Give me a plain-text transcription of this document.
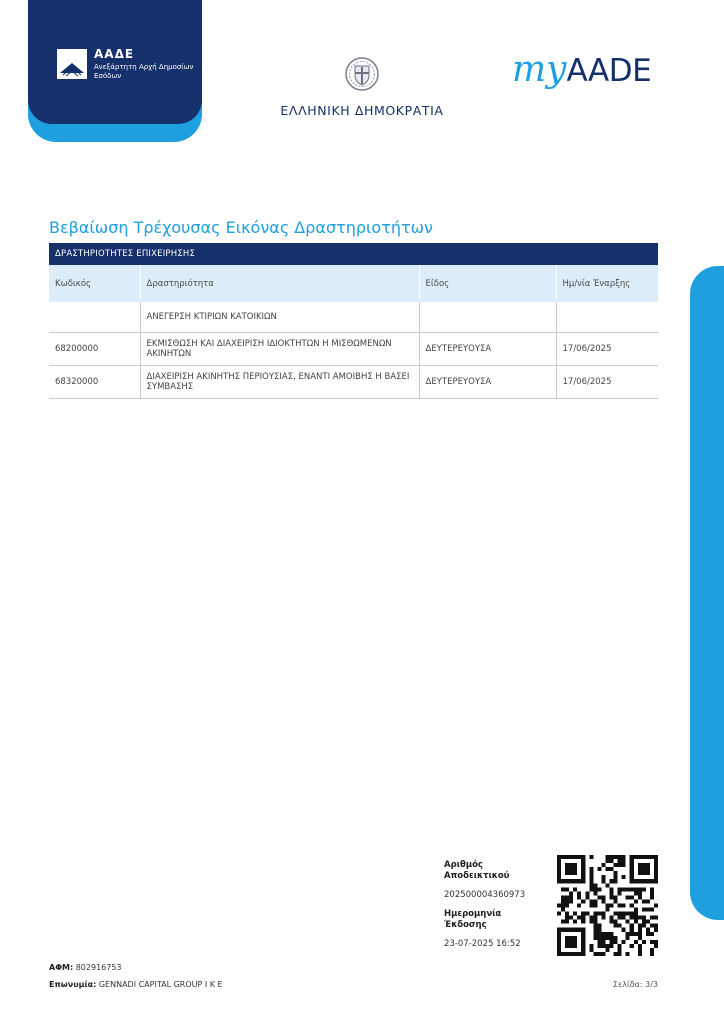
ΑΑΔΕ
Ανεξάρτητη Αρχή Δημοσίων Εσόδων
ΕΛΛΗΝΙΚΗ ΔΗΜΟΚΡΑΤΙΑ
myAADE
Βεβαίωση Τρέχουσας Εικόνας Δραστηριοτήτων
ΔΡΑΣΤΗΡΙΟΤΗΤΕΣ ΕΠΙΧΕΙΡΗΣΗΣ
Κωδικός	Δραστηριότητα	Είδος	Ημ/νία Έναρξης
	ΑΝΕΓΕΡΣΗ ΚΤΙΡΙΩΝ ΚΑΤΟΙΚΙΩΝ		
68200000	ΕΚΜΙΣΘΩΣΗ ΚΑΙ ΔΙΑΧΕΙΡΙΣΗ ΙΔΙΟΚΤΗΤΩΝ Η ΜΙΣΘΩΜΕΝΩΝ ΑΚΙΝΗΤΩΝ	ΔΕΥΤΕΡΕΥΟΥΣΑ	17/06/2025
68320000	ΔΙΑΧΕΙΡΙΣΗ ΑΚΙΝΗΤΗΣ ΠΕΡΙΟΥΣΙΑΣ, ΕΝΑΝΤΙ ΑΜΟΙΒΗΣ Η ΒΑΣΕΙ ΣΥΜΒΑΣΗΣ	ΔΕΥΤΕΡΕΥΟΥΣΑ	17/06/2025
Αριθμός Αποδεικτικού
202500004360973
Ημερομηνία Έκδοσης
23-07-2025 16:52
ΑΦΜ: 802916753
Επωνυμία: GENNADI CAPITAL GROUP I K E	Σελίδα: 3/3
